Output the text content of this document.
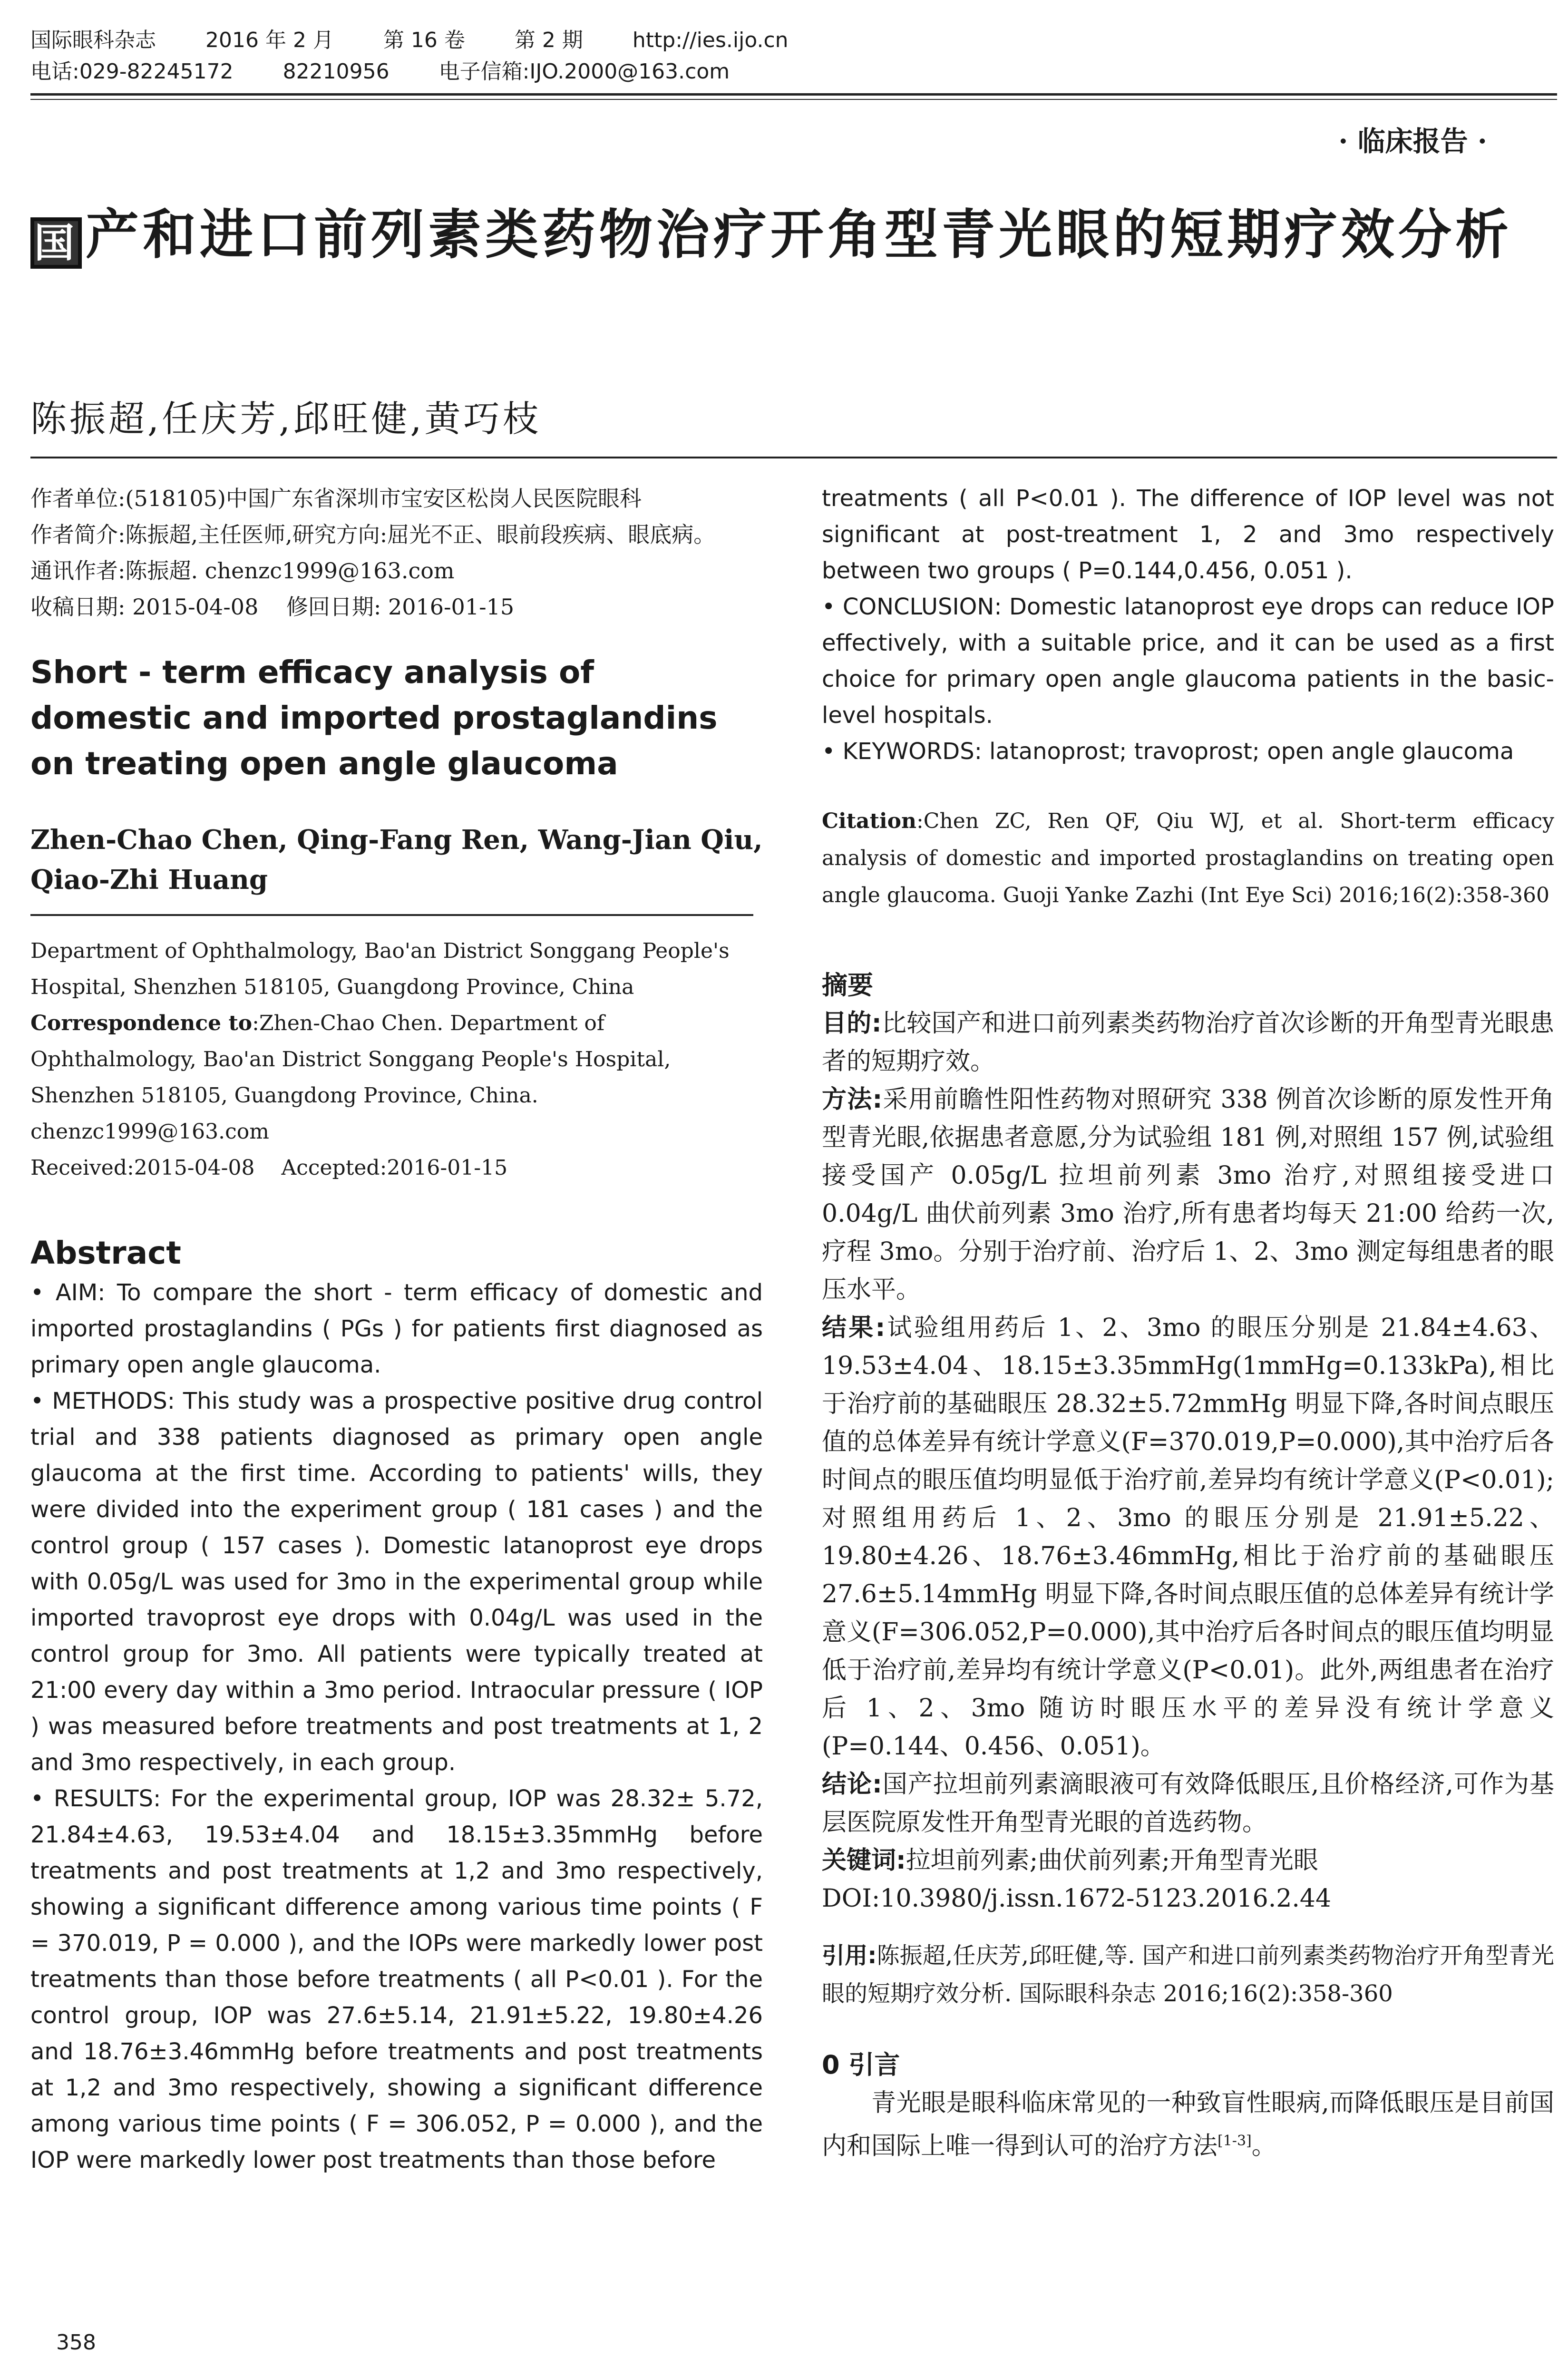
国际眼科杂志 2016 年 2 月 第 16 卷 第 2 期 http://ies.ijo.cn
电话:029-82245172 82210956 电子信箱:IJO.2000@163.com
· 临床报告 ·
国 产和进口前列素类药物治疗开角型青光眼的短期疗效分析
陈振超,任庆芳,邱旺健,黄巧枝
作者单位:(518105)中国广东省深圳市宝安区松岗人民医院眼科
作者简介:陈振超,主任医师,研究方向:屈光不正、眼前段疾病、眼底病。
通讯作者:陈振超. chenzc1999@163.com
收稿日期: 2015-04-08    修回日期: 2016-01-15
Short - term efficacy analysis of domestic and imported prostaglandins on treating open angle glaucoma
Zhen-Chao Chen, Qing-Fang Ren, Wang-Jian Qiu, Qiao-Zhi Huang
Department of Ophthalmology, Bao'an District Songgang People's Hospital, Shenzhen 518105, Guangdong Province, China
Correspondence to:Zhen-Chao Chen. Department of Ophthalmology, Bao'an District Songgang People's Hospital, Shenzhen 518105, Guangdong Province, China. chenzc1999@163.com
Received:2015-04-08    Accepted:2016-01-15
Abstract
• AIM: To compare the short - term efficacy of domestic and imported prostaglandins ( PGs ) for patients first diagnosed as primary open angle glaucoma.
• METHODS: This study was a prospective positive drug control trial and 338 patients diagnosed as primary open angle glaucoma at the first time. According to patients' wills, they were divided into the experiment group ( 181 cases ) and the control group ( 157 cases ). Domestic latanoprost eye drops with 0.05g/L was used for 3mo in the experimental group while imported travoprost eye drops with 0.04g/L was used in the control group for 3mo. All patients were typically treated at 21:00 every day within a 3mo period. Intraocular pressure ( IOP ) was measured before treatments and post treatments at 1, 2 and 3mo respectively, in each group.
• RESULTS: For the experimental group, IOP was 28.32± 5.72, 21.84±4.63, 19.53±4.04 and 18.15±3.35mmHg before treatments and post treatments at 1,2 and 3mo respectively, showing a significant difference among various time points ( F = 370.019, P = 0.000 ), and the IOPs were markedly lower post treatments than those before treatments ( all P<0.01 ). For the control group, IOP was 27.6±5.14, 21.91±5.22, 19.80±4.26 and 18.76±3.46mmHg before treatments and post treatments at 1,2 and 3mo respectively, showing a significant difference among various time points ( F = 306.052, P = 0.000 ), and the IOP were markedly lower post treatments than those before
treatments ( all P<0.01 ). The difference of IOP level was not significant at post-treatment 1, 2 and 3mo respectively between two groups ( P=0.144,0.456, 0.051 ).
• CONCLUSION: Domestic latanoprost eye drops can reduce IOP effectively, with a suitable price, and it can be used as a first choice for primary open angle glaucoma patients in the basic-level hospitals.
• KEYWORDS: latanoprost; travoprost; open angle glaucoma
Citation:Chen ZC, Ren QF, Qiu WJ, et al. Short-term efficacy analysis of domestic and imported prostaglandins on treating open angle glaucoma. Guoji Yanke Zazhi (Int Eye Sci) 2016;16(2):358-360
摘要
目的:比较国产和进口前列素类药物治疗首次诊断的开角型青光眼患者的短期疗效。
方法:采用前瞻性阳性药物对照研究 338 例首次诊断的原发性开角型青光眼,依据患者意愿,分为试验组 181 例,对照组 157 例,试验组接受国产 0.05g/L 拉坦前列素 3mo 治疗,对照组接受进口 0.04g/L 曲伏前列素 3mo 治疗,所有患者均每天 21:00 给药一次,疗程 3mo。分别于治疗前、治疗后 1、2、3mo 测定每组患者的眼压水平。
结果:试验组用药后 1、2、3mo 的眼压分别是 21.84±4.63、19.53±4.04、18.15±3.35mmHg(1mmHg=0.133kPa),相比于治疗前的基础眼压 28.32±5.72mmHg 明显下降,各时间点眼压值的总体差异有统计学意义(F=370.019,P=0.000),其中治疗后各时间点的眼压值均明显低于治疗前,差异均有统计学意义(P<0.01);对照组用药后 1、2、3mo 的眼压分别是 21.91±5.22、19.80±4.26、18.76±3.46mmHg,相比于治疗前的基础眼压 27.6±5.14mmHg 明显下降,各时间点眼压值的总体差异有统计学意义(F=306.052,P=0.000),其中治疗后各时间点的眼压值均明显低于治疗前,差异均有统计学意义(P<0.01)。此外,两组患者在治疗后 1、2、3mo 随访时眼压水平的差异没有统计学意义(P=0.144、0.456、0.051)。
结论:国产拉坦前列素滴眼液可有效降低眼压,且价格经济,可作为基层医院原发性开角型青光眼的首选药物。
关键词:拉坦前列素;曲伏前列素;开角型青光眼
DOI:10.3980/j.issn.1672-5123.2016.2.44
引用:陈振超,任庆芳,邱旺健,等. 国产和进口前列素类药物治疗开角型青光眼的短期疗效分析. 国际眼科杂志 2016;16(2):358-360
0 引言
青光眼是眼科临床常见的一种致盲性眼病,而降低眼压是目前国内和国际上唯一得到认可的治疗方法[1-3]。
358
